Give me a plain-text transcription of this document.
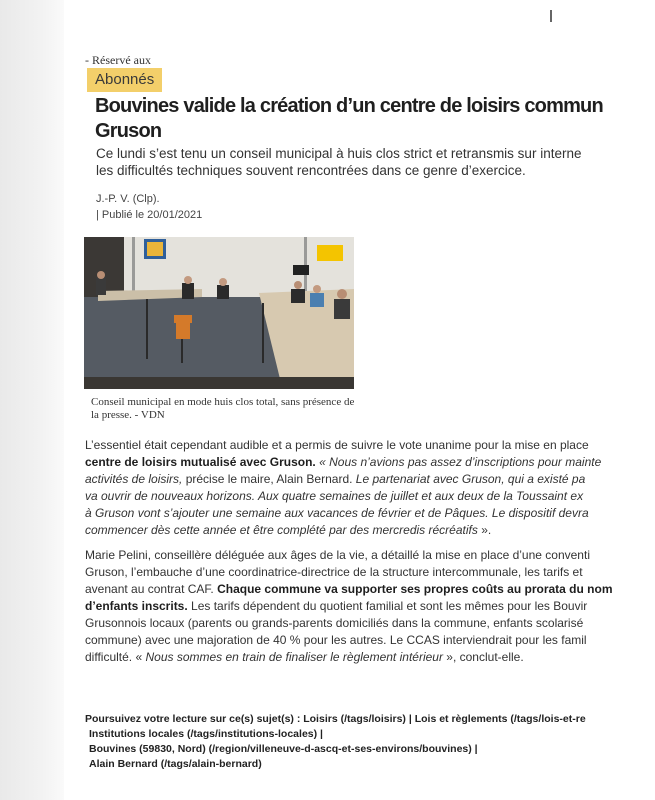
- Réservé aux
Abonnés
Bouvines valide la création d’un centre de loisirs commun
Gruson
Ce lundi s’est tenu un conseil municipal à huis clos strict et retransmis sur interne
les difficultés techniques souvent rencontrées dans ce genre d’exercice.
J.-P. V. (Clp).
| Publié le 20/01/2021
Conseil municipal en mode huis clos total, sans présence de la presse. - VDN

L’essentiel était cependant audible et a permis de suivre le vote unanime pour la mise en place
centre de loisirs mutualisé avec Gruson. « Nous n’avions pas assez d’inscriptions pour mainte
activités de loisirs, précise le maire, Alain Bernard. Le partenariat avec Gruson, qui a existé pa
va ouvrir de nouveaux horizons. Aux quatre semaines de juillet et aux deux de la Toussaint ex
à Gruson vont s’ajouter une semaine aux vacances de février et de Pâques. Le dispositif devra
commencer dès cette année et être complété par des mercredis récréatifs ».

Marie Pelini, conseillère déléguée aux âges de la vie, a détaillé la mise en place d’une conventi
Gruson, l’embauche d’une coordinatrice-directrice de la structure intercommunale, les tarifs et
avenant au contrat CAF. Chaque commune va supporter ses propres coûts au prorata du nom
d’enfants inscrits. Les tarifs dépendent du quotient familial et sont les mêmes pour les Bouvir
Grusonnois locaux (parents ou grands-parents domiciliés dans la commune, enfants scolarisé
commune) avec une majoration de 40 % pour les autres. Le CCAS interviendrait pour les famil
difficulté. « Nous sommes en train de finaliser le règlement intérieur », conclut-elle.

Poursuivez votre lecture sur ce(s) sujet(s) : Loisirs (/tags/loisirs) | Lois et règlements (/tags/lois-et-re
Institutions locales (/tags/institutions-locales) |
Bouvines (59830, Nord) (/region/villeneuve-d-ascq-et-ses-environs/bouvines) |
Alain Bernard (/tags/alain-bernard)
